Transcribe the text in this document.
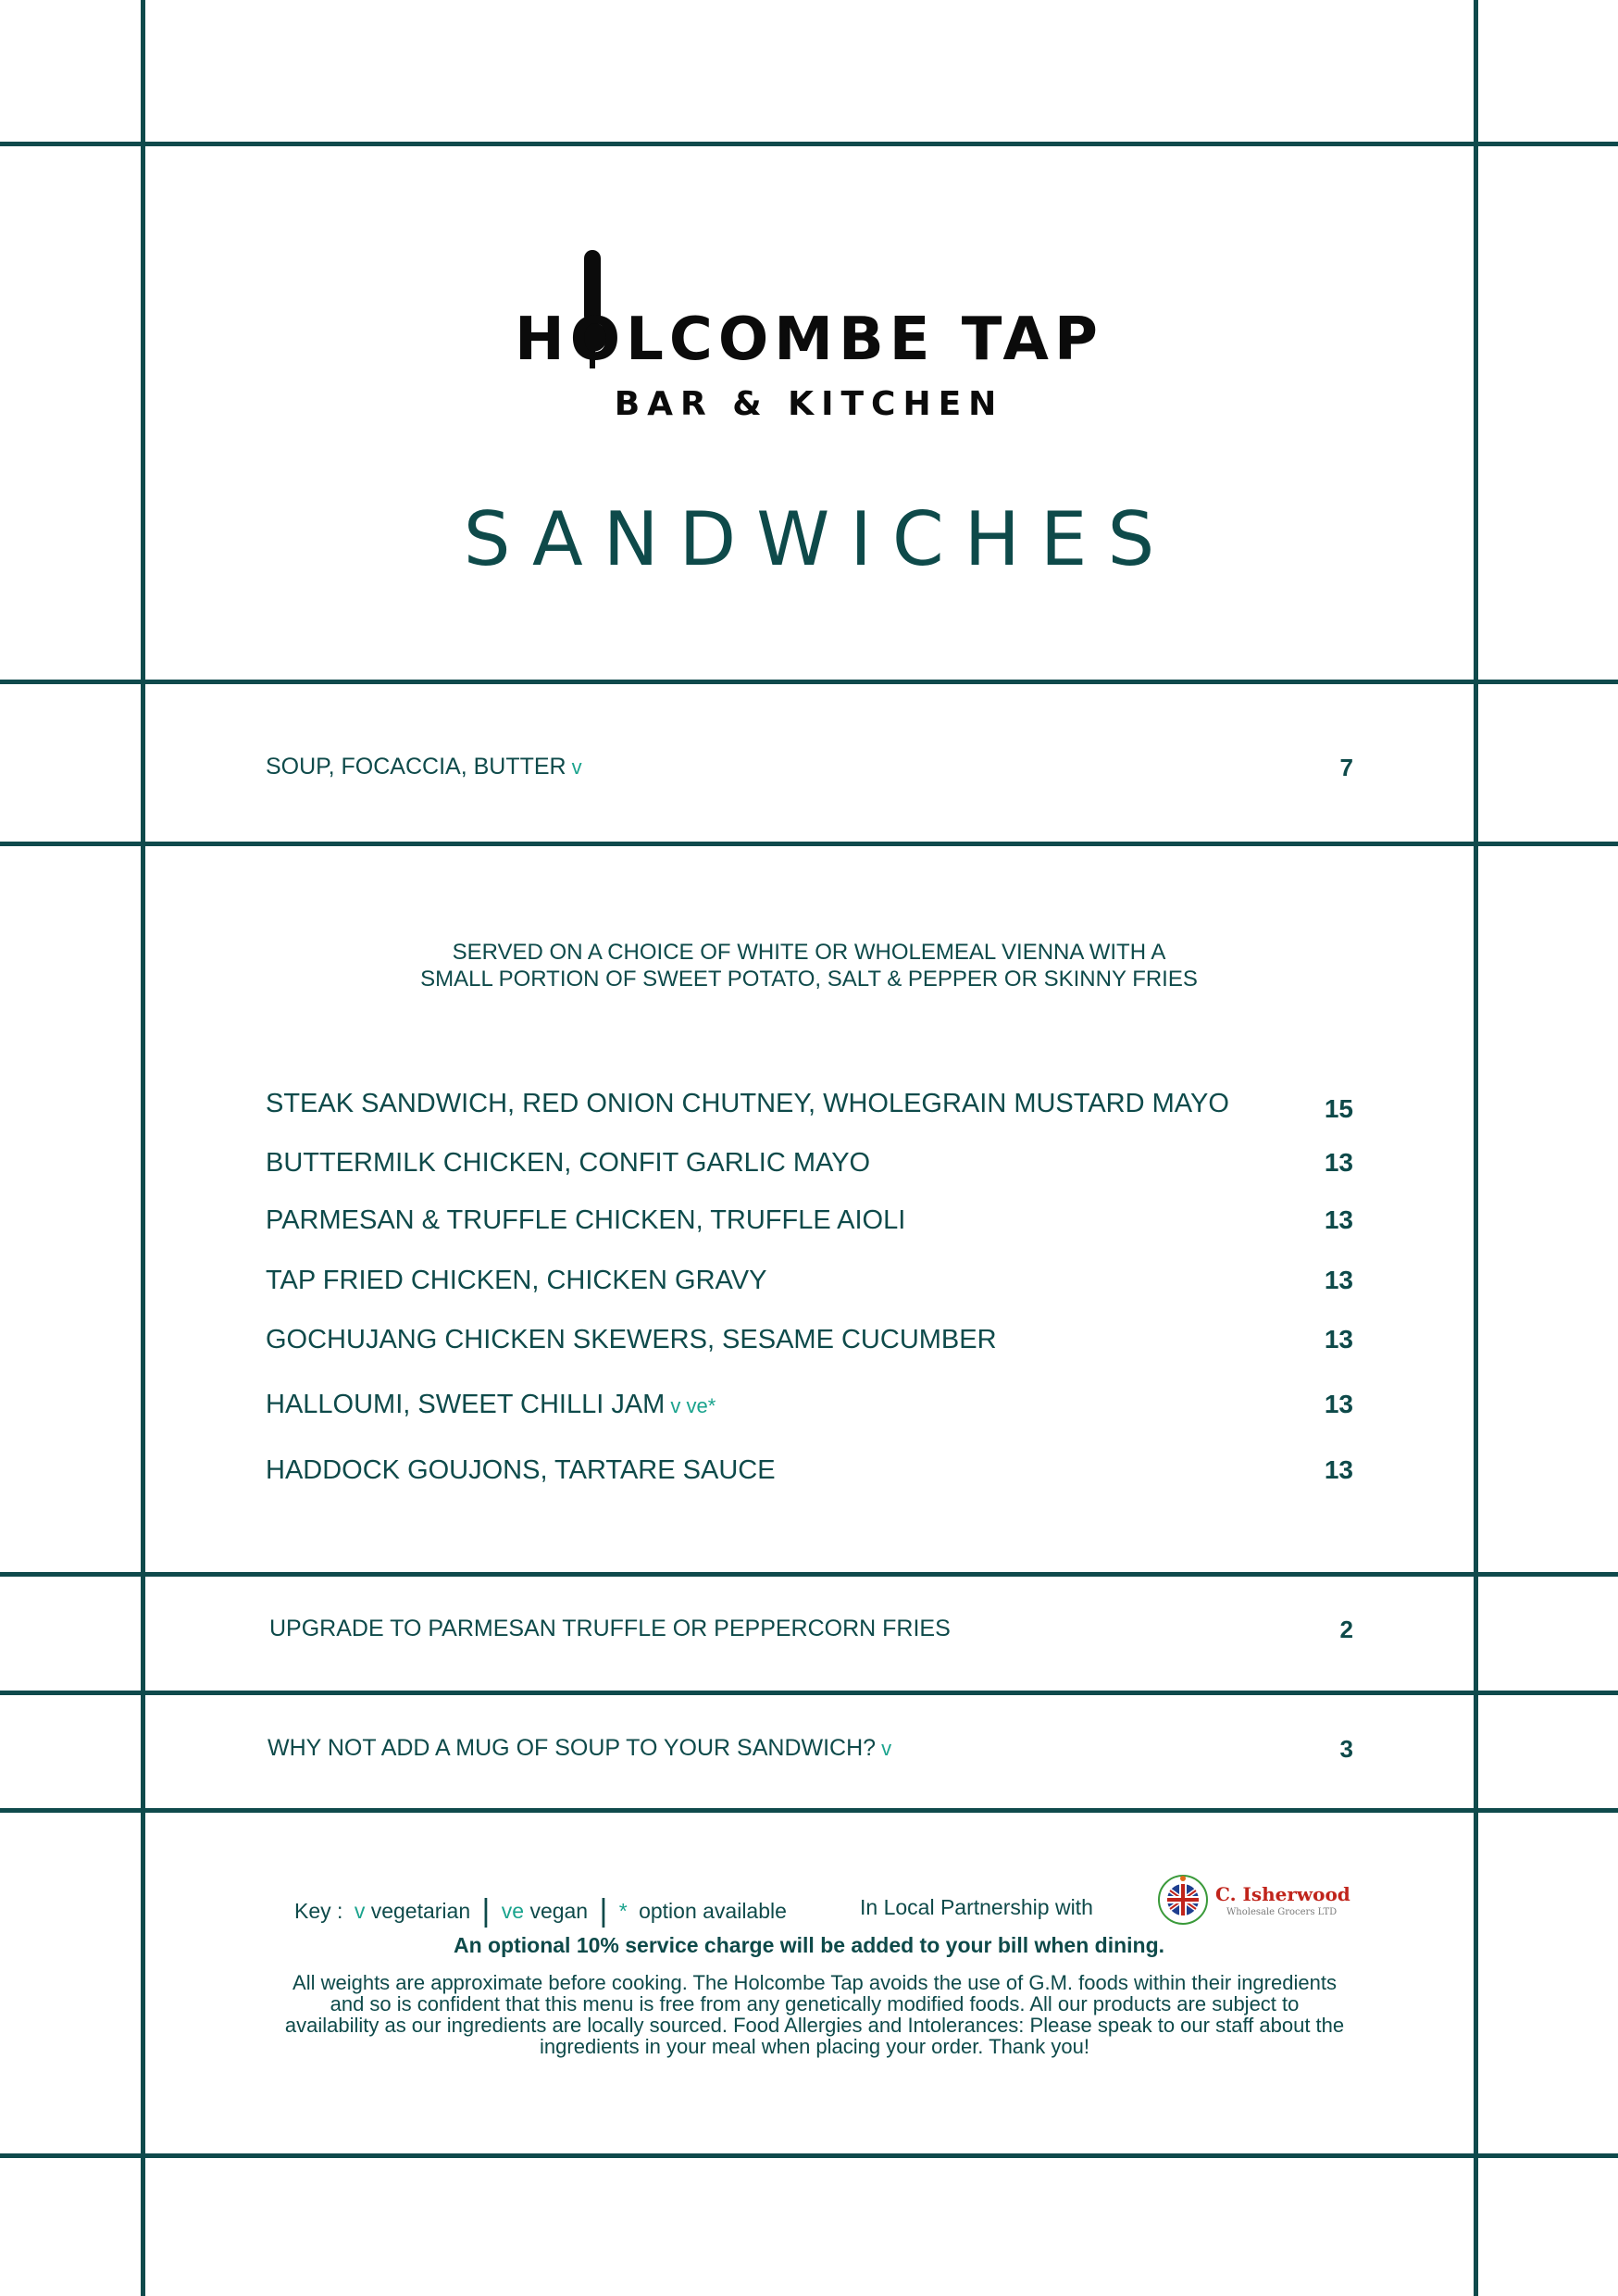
HOLCOMBE TAP
BAR & KITCHEN
SANDWICHES
SOUP, FOCACCIA, BUTTER v	7
SERVED ON A CHOICE OF WHITE OR WHOLEMEAL VIENNA WITH A
SMALL PORTION OF SWEET POTATO, SALT & PEPPER OR SKINNY FRIES
STEAK SANDWICH, RED ONION CHUTNEY, WHOLEGRAIN MUSTARD MAYO	15
BUTTERMILK CHICKEN, CONFIT GARLIC MAYO	13
PARMESAN & TRUFFLE CHICKEN, TRUFFLE AIOLI	13
TAP FRIED CHICKEN, CHICKEN GRAVY	13
GOCHUJANG CHICKEN SKEWERS, SESAME CUCUMBER	13
HALLOUMI, SWEET CHILLI JAM v ve*	13
HADDOCK GOUJONS, TARTARE SAUCE	13
UPGRADE TO PARMESAN TRUFFLE OR PEPPERCORN FRIES	2
WHY NOT ADD A MUG OF SOUP TO YOUR SANDWICH? v	3
Key : v vegetarian | ve vegan | * option available	In Local Partnership with
C. Isherwood
Wholesale Grocers LTD
An optional 10% service charge will be added to your bill when dining.
All weights are approximate before cooking. The Holcombe Tap avoids the use of G.M. foods within their ingredients and so is confident that this menu is free from any genetically modified foods. All our products are subject to availability as our ingredients are locally sourced. Food Allergies and Intolerances: Please speak to our staff about the ingredients in your meal when placing your order. Thank you!
